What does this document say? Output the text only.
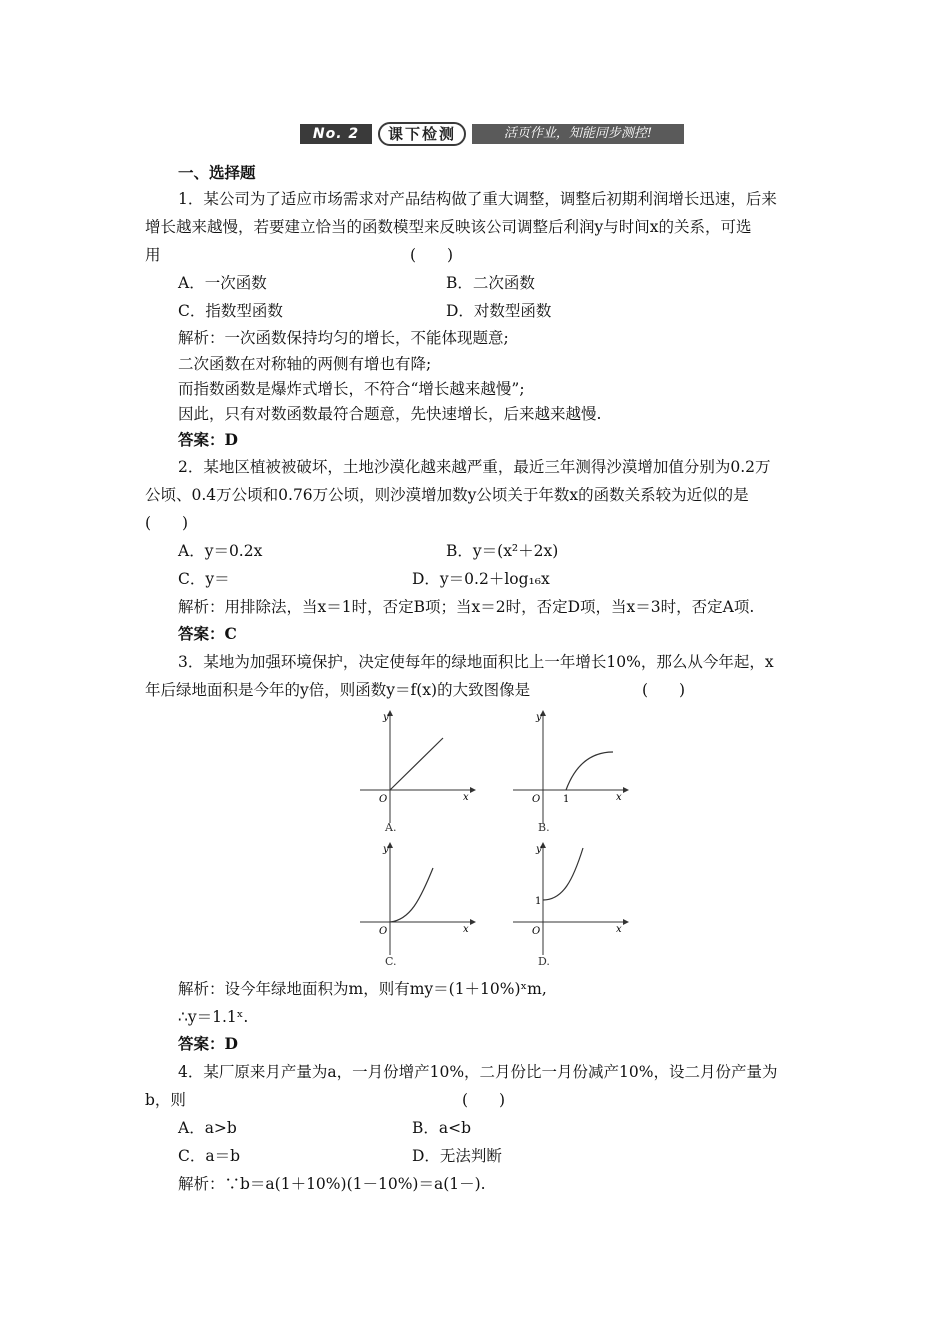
No. 2	课下检测	活页作业，知能同步测控!
一、选择题
1．某公司为了适应市场需求对产品结构做了重大调整，调整后初期利润增长迅速，后来
增长越来越慢，若要建立恰当的函数模型来反映该公司调整后利润y与时间x的关系，可选
用	(　　)
A．一次函数	B．二次函数
C．指数型函数	D．对数型函数
解析：一次函数保持均匀的增长，不能体现题意;
二次函数在对称轴的两侧有增也有降;
而指数函数是爆炸式增长，不符合“增长越来越慢”;
因此，只有对数函数最符合题意，先快速增长，后来越来越慢.
答案：D
2．某地区植被被破坏，土地沙漠化越来越严重，最近三年测得沙漠增加值分别为0.2万
公顷、0.4万公顷和0.76万公顷，则沙漠增加数y公顷关于年数x的函数关系较为近似的是
(　　)
A．y＝0.2x	B．y＝(x²＋2x)
C．y＝	D．y＝0.2＋log₁₆x
解析：用排除法，当x＝1时，否定B项；当x＝2时，否定D项，当x＝3时，否定A项.
答案：C
3．某地为加强环境保护，决定使每年的绿地面积比上一年增长10%，那么从今年起，x
年后绿地面积是今年的y倍，则函数y＝f(x)的大致图像是	(　　)
y
x
O
A.
y
x
O 1
B.
y
x
O
C.
y
x
O
1
D.
解析：设今年绿地面积为m，则有my＝(1＋10%)ˣm,
∴y＝1.1ˣ.
答案：D
4．某厂原来月产量为a，一月份增产10%，二月份比一月份减产10%，设二月份产量为
b，则	(　　)
A．a>b	B．a<b
C．a＝b	D．无法判断
解析：∵b＝a(1＋10%)(1－10%)＝a(1－).
